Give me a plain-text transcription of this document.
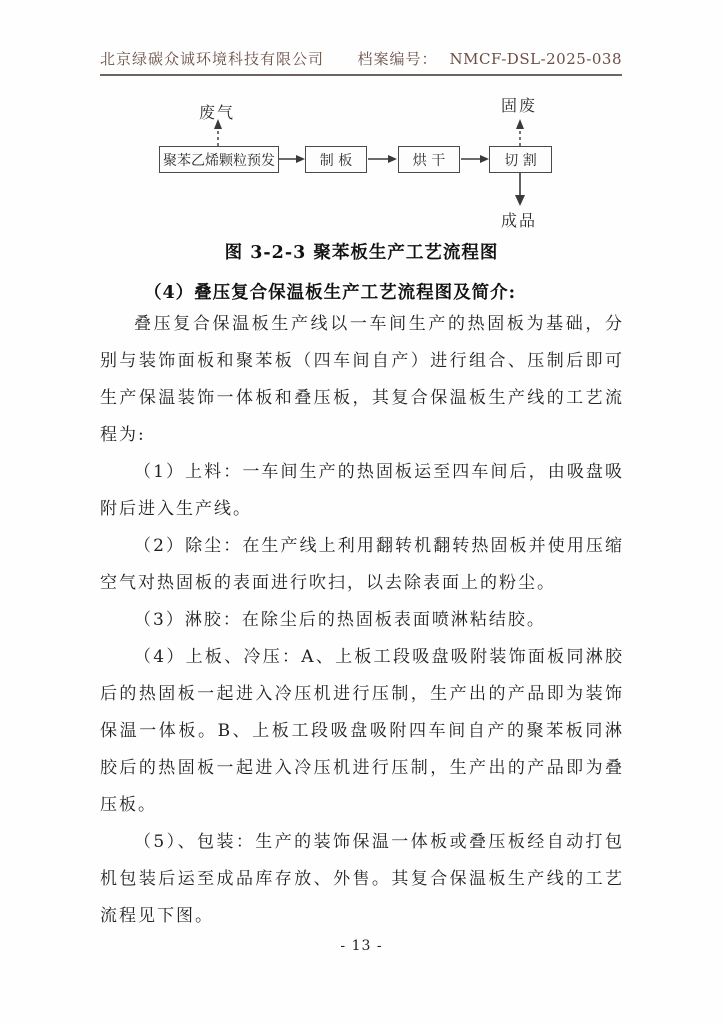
北京绿碳众诚环境科技有限公司 档案编号： NMCF-DSL-2025-038
废气	固废
成品
聚苯乙烯颗粒预发	制 板	烘 干	切 割
图 3-2-3 聚苯板生产工艺流程图
（4）叠压复合保温板生产工艺流程图及简介:

叠压复合保温板生产线以一车间生产的热固板为基础，分别与装饰面板和聚苯板（四车间自产）进行组合、压制后即可生产保温装饰一体板和叠压板，其复合保温板生产线的工艺流程为:

（1）上料：一车间生产的热固板运至四车间后，由吸盘吸附后进入生产线。

（2）除尘：在生产线上利用翻转机翻转热固板并使用压缩空气对热固板的表面进行吹扫，以去除表面上的粉尘。

（3）淋胶：在除尘后的热固板表面喷淋粘结胶。

（4）上板、冷压：A、上板工段吸盘吸附装饰面板同淋胶后的热固板一起进入冷压机进行压制，生产出的产品即为装饰保温一体板。B、上板工段吸盘吸附四车间自产的聚苯板同淋胶后的热固板一起进入冷压机进行压制，生产出的产品即为叠压板。

（5）、包装：生产的装饰保温一体板或叠压板经自动打包机包装后运至成品库存放、外售。其复合保温板生产线的工艺流程见下图。

- 13 -
